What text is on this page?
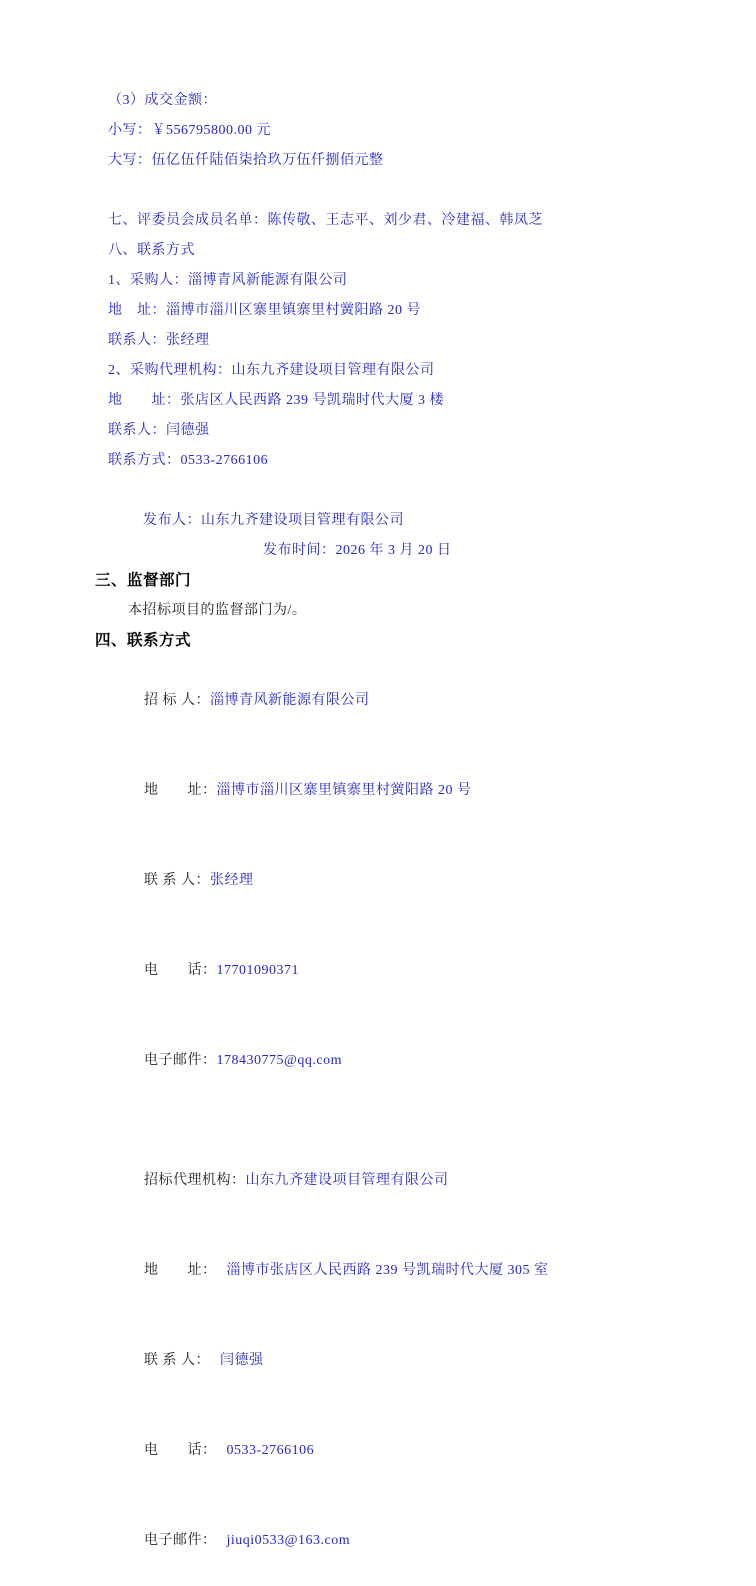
（3）成交金额：

小写：￥556795800.00 元

大写：伍亿伍仟陆佰柒拾玖万伍仟捌佰元整

七、评委员会成员名单：陈传敬、王志平、刘少君、冷建福、韩凤芝

八、联系方式

1、采购人：淄博青风新能源有限公司

地　址：淄博市淄川区寨里镇寨里村黉阳路 20 号

联系人：张经理

2、采购代理机构：山东九齐建设项目管理有限公司

地　　址：张店区人民西路 239 号凯瑞时代大厦 3 楼

联系人：闫德强

联系方式：0533-2766106

发布人：山东九齐建设项目管理有限公司

发布时间：2026 年 3 月 20 日

三、监督部门

本招标项目的监督部门为/。

四、联系方式

招 标 人：淄博青风新能源有限公司

地　　址：淄博市淄川区寨里镇寨里村黉阳路 20 号

联 系 人：张经理

电　　话：17701090371

电子邮件：178430775@qq.com

招标代理机构：山东九齐建设项目管理有限公司

地　　址： 淄博市张店区人民西路 239 号凯瑞时代大厦 305 室

联 系 人： 闫德强

电　　话： 0533-2766106

电子邮件： jiuqi0533@163.com
